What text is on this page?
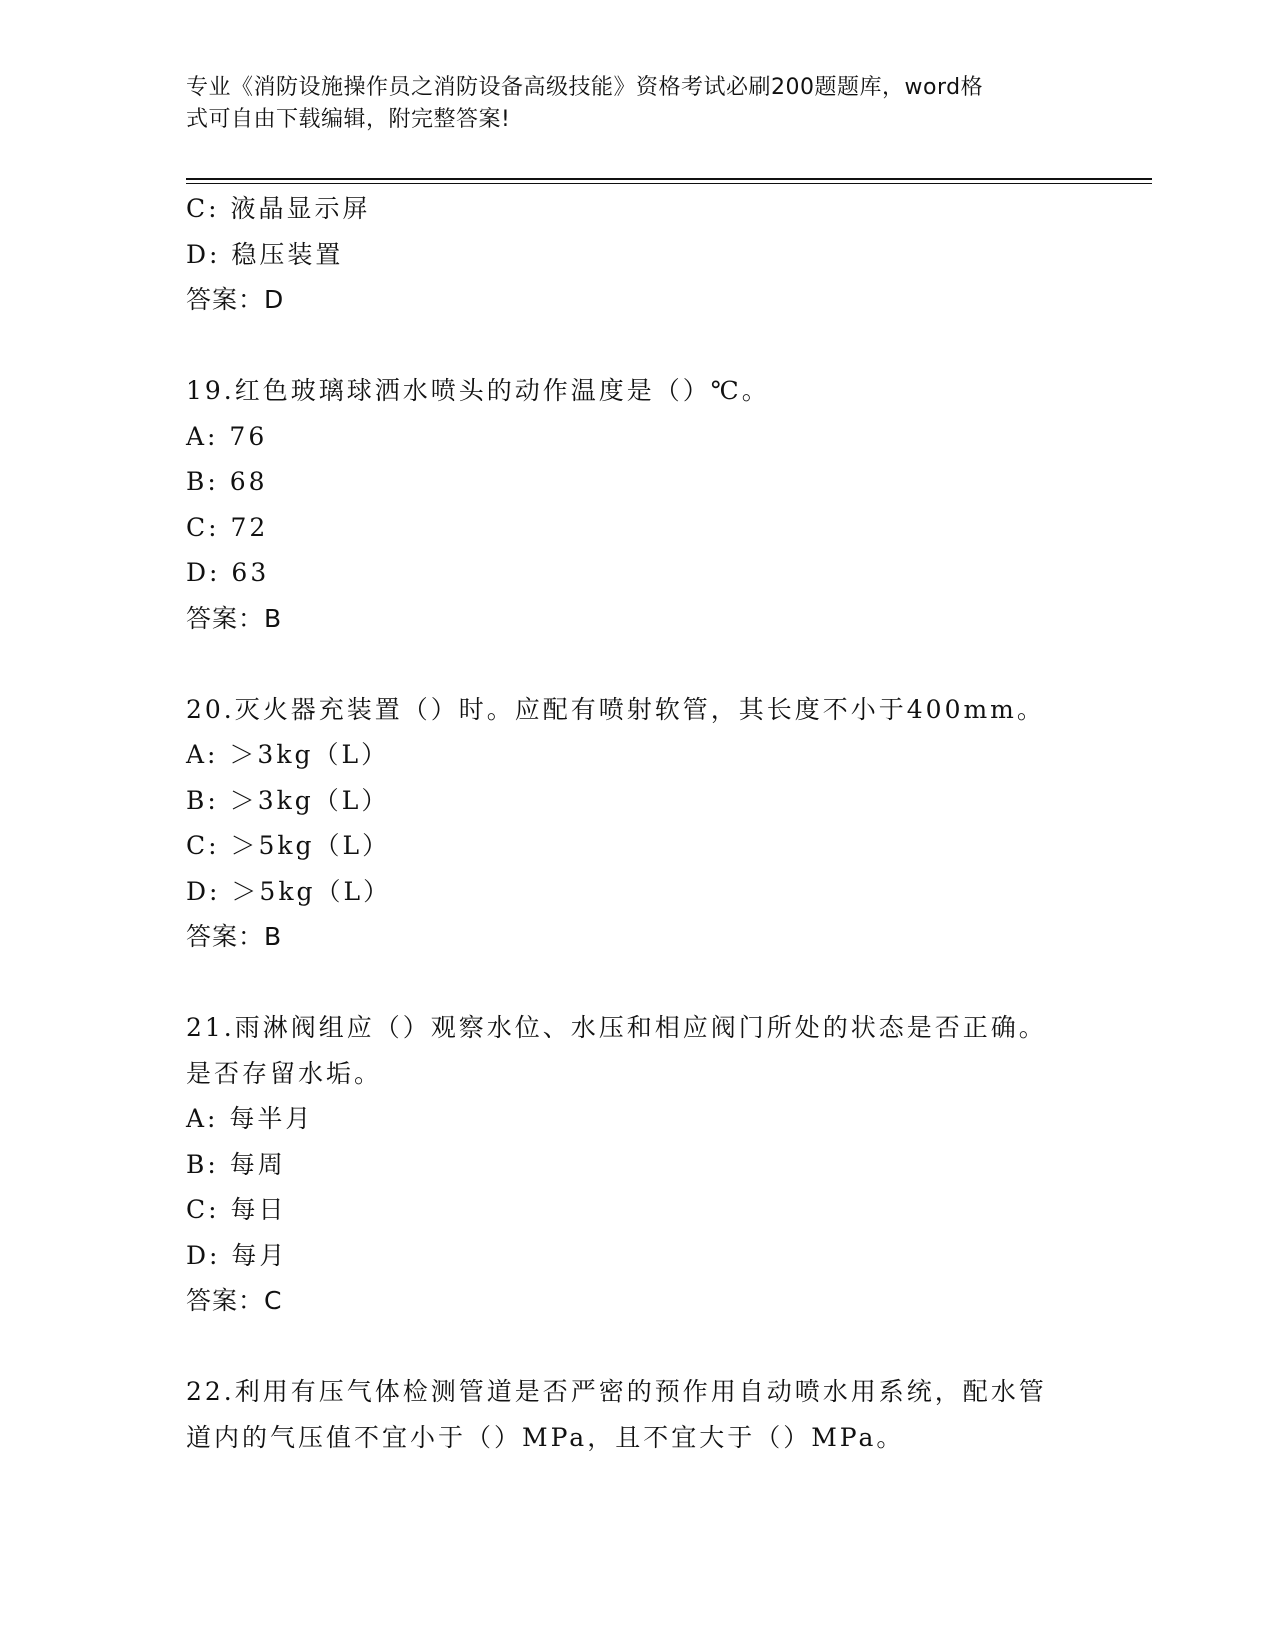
专业《消防设施操作员之消防设备高级技能》资格考试必刷200题题库，word格
式可自由下载编辑，附完整答案!
C: 液晶显示屏
D: 稳压装置
答案：D
19.红色玻璃球洒水喷头的动作温度是（）℃。
A: 76
B: 68
C: 72
D: 63
答案：B
20.灭火器充装置（）时。应配有喷射软管，其长度不小于400mm。
A: ＞3kg（L）
B: ＞3kg（L）
C: ＞5kg（L）
D: ＞5kg（L）
答案：B
21.雨淋阀组应（）观察水位、水压和相应阀门所处的状态是否正确。
是否存留水垢。
A: 每半月
B: 每周
C: 每日
D: 每月
答案：C
22.利用有压气体检测管道是否严密的预作用自动喷水用系统，配水管
道内的气压值不宜小于（）MPa，且不宜大于（）MPa。
